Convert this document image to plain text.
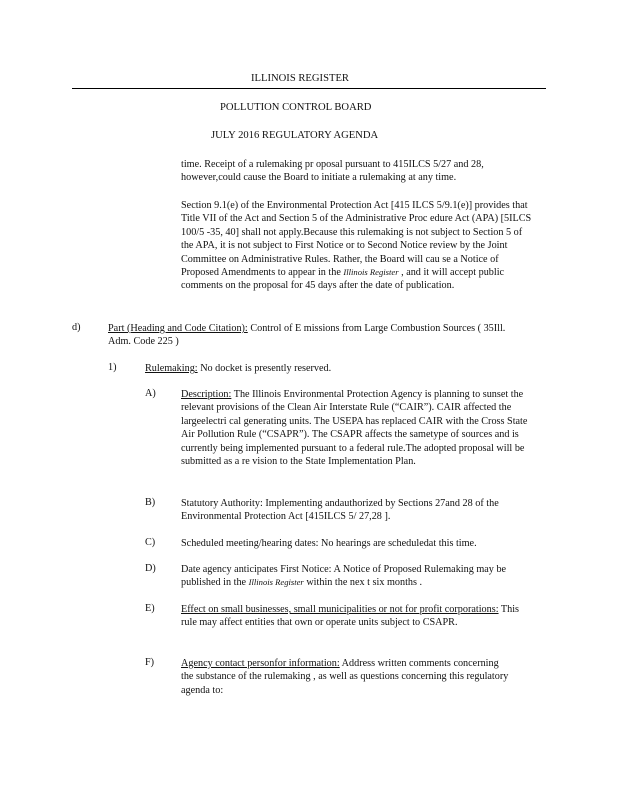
ILLINOIS REGISTER
POLLUTION CONTROL BOARD
JULY 2016 REGULATORY AGENDA
time. Receipt of a rulemaking pr oposal pursuant to 415ILCS 5/27 and 28, however,could cause the Board to initiate a rulemaking at any time.
Section 9.1(e) of the Environmental Protection Act [415 ILCS 5/9.1(e)] provides that Title VII of the Act and Section 5 of the Administrative Proc edure Act (APA) [5ILCS 100/5 -35, 40] shall not apply.Because this rulemaking is not subject to Section 5 of the APA, it is not subject to First Notice or to Second Notice review by the Joint Committee on Administrative Rules. Rather, the Board will cau se a Notice of Proposed Amendments to appear in the Illinois Register , and it will accept public comments on the proposal for 45 days after the date of publication.
d)	Part (Heading and Code Citation): Control of E missions from Large Combustion Sources ( 35Ill. Adm. Code 225 )
1)	Rulemaking: No docket is presently reserved.
A) Description: The Illinois Environmental Protection Agency is planning to sunset the relevant provisions of the Clean Air Interstate Rule (“CAIR”). CAIR affected the largeelectri cal generating units. The USEPA has replaced CAIR with the Cross State Air Pollution Rule (“CSAPR”). The CSAPR affects the sametype of sources and is currently being implemented pursuant to a federal rule.The adopted proposal will be submitted as a re vision to the State Implementation Plan.
B)	Statutory Authority: Implementing andauthorized by Sections 27and 28 of the Environmental Protection Act [415ILCS 5/ 27,28 ].
C)	Scheduled meeting/hearing dates: No hearings are scheduledat this time.
D) Date agency anticipates First Notice: A Notice of Proposed Rulemaking may be published in the Illinois Register within the nex t six months .
E)	Effect on small businesses, small municipalities or not for profit corporations: This rule may affect entities that own or operate units subject to CSAPR.
F)	Agency contact personfor information: Address written comments concerning the substance of the rulemaking , as well as questions concerning this regulatory agenda to:
